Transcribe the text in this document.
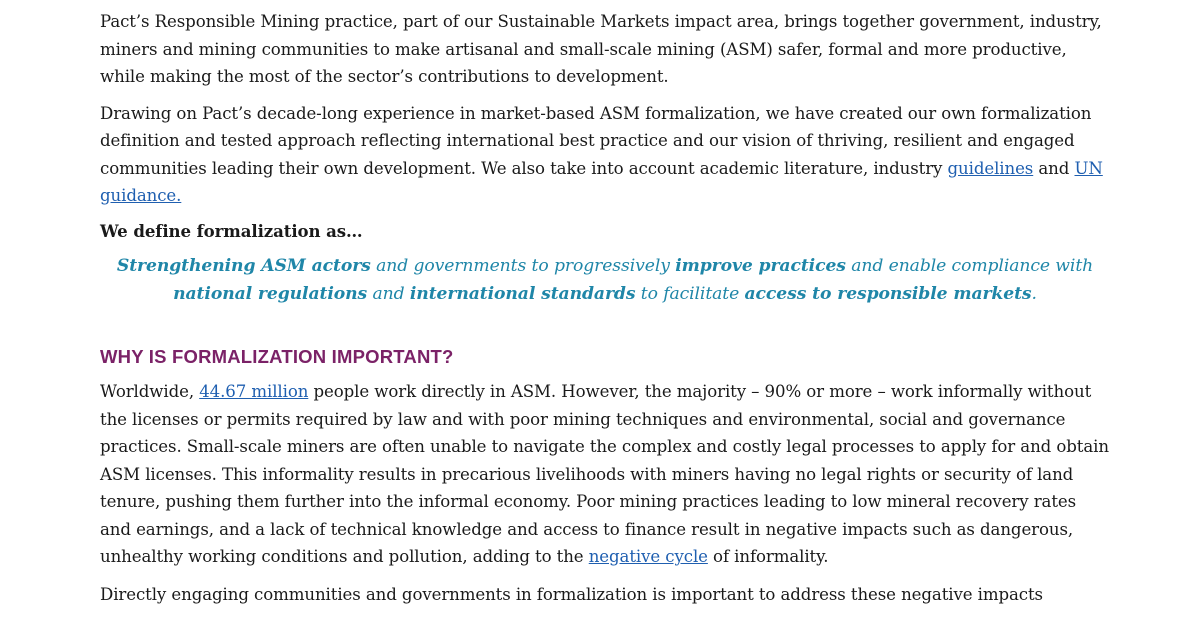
Pact’s Responsible Mining practice, part of our Sustainable Markets impact area, brings together government, industry, miners and mining communities to make artisanal and small-scale mining (ASM) safer, formal and more productive, while making the most of the sector’s contributions to development.

Drawing on Pact’s decade-long experience in market-based ASM formalization, we have created our own formalization definition and tested approach reflecting international best practice and our vision of thriving, resilient and engaged communities leading their own development. We also take into account academic literature, industry guidelines and UN guidance.

We define formalization as…

Strengthening ASM actors and governments to progressively improve practices and enable compliance with national regulations and international standards to facilitate access to responsible markets.

WHY IS FORMALIZATION IMPORTANT?

Worldwide, 44.67 million people work directly in ASM. However, the majority – 90% or more – work informally without the licenses or permits required by law and with poor mining techniques and environmental, social and governance practices. Small-scale miners are often unable to navigate the complex and costly legal processes to apply for and obtain ASM licenses. This informality results in precarious livelihoods with miners having no legal rights or security of land tenure, pushing them further into the informal economy. Poor mining practices leading to low mineral recovery rates and earnings, and a lack of technical knowledge and access to finance result in negative impacts such as dangerous, unhealthy working conditions and pollution, adding to the negative cycle of informality.

Directly engaging communities and governments in formalization is important to address these negative impacts
